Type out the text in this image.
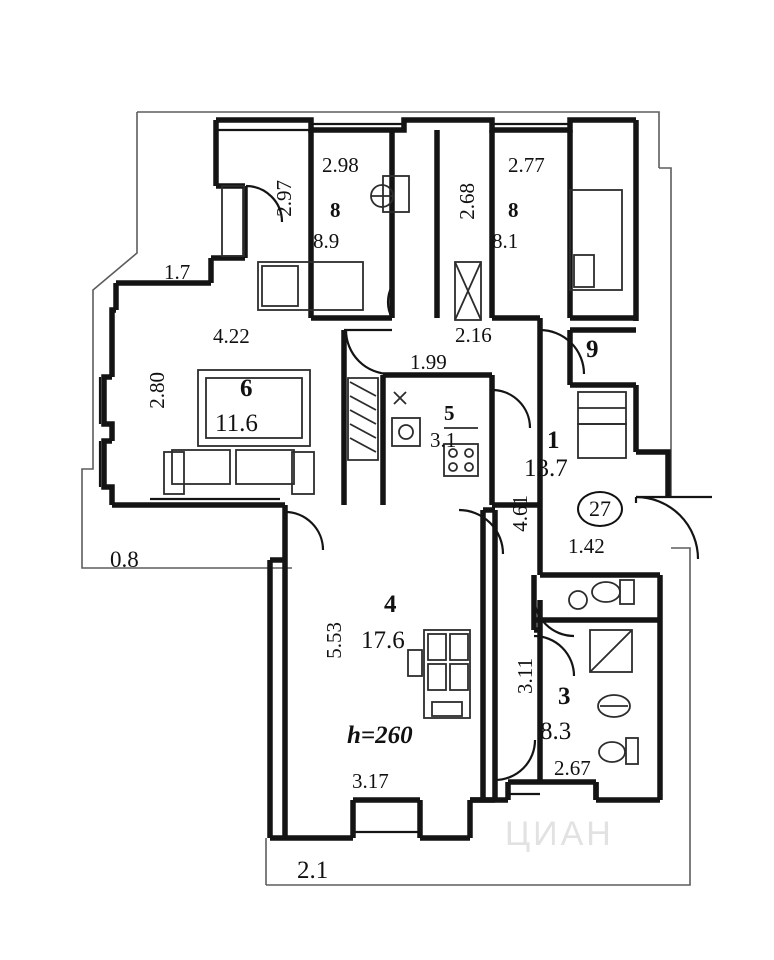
2.98	2.77
1.7
4.22	2.16
1.99
0.8
1.42
3.17
2.67
2.1
2.97	2.68
2.80
4.61
5.53
3.11
8
8.9
8
8.1
6
11.6	5
3.1	1
13.7
9
4
17.6
3
8.3
h=260
27
ЦИАН
